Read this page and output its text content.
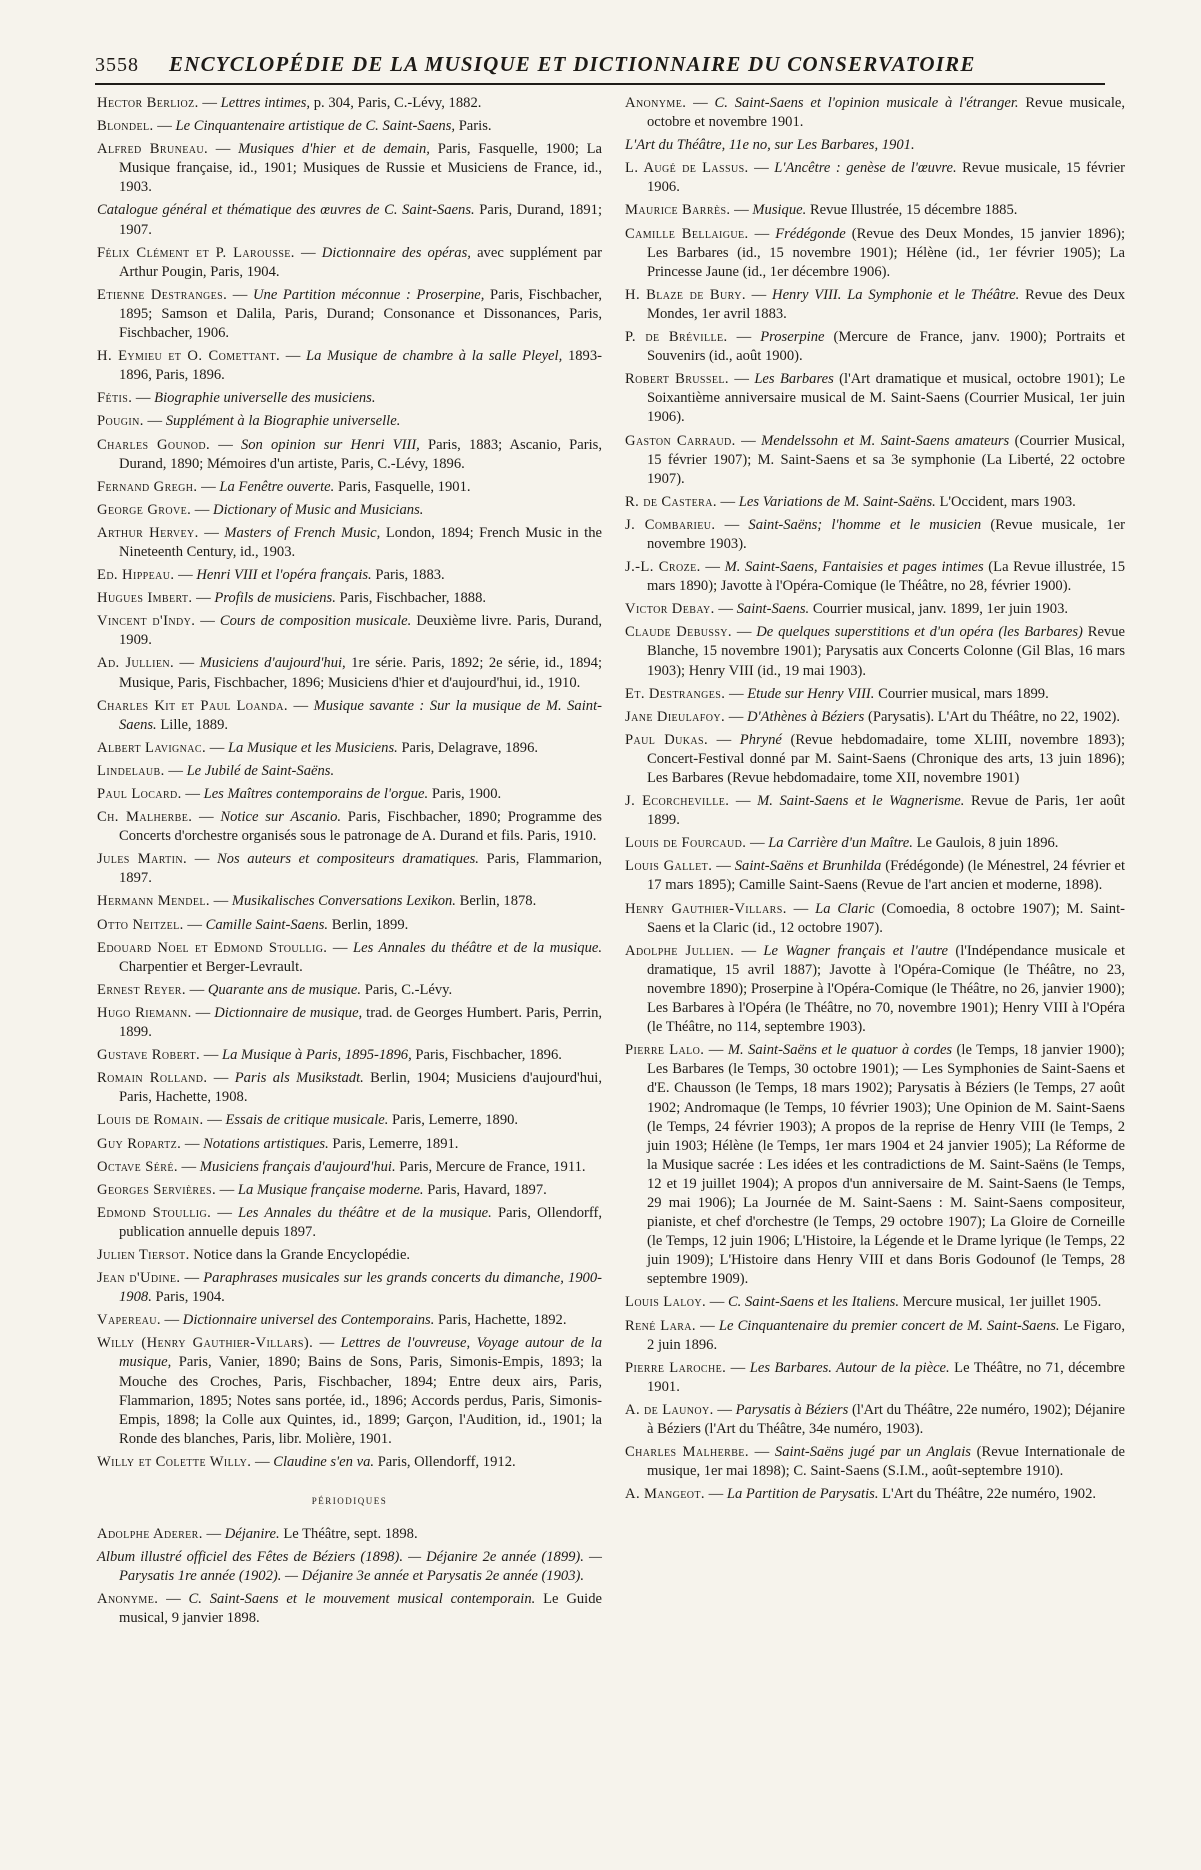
3558 ENCYCLOPÉDIE DE LA MUSIQUE ET DICTIONNAIRE DU CONSERVATOIRE
Hector Berlioz. — Lettres intimes, p. 304, Paris, C.-Lévy, 1882.
Blondel. — Le Cinquantenaire artistique de C. Saint-Saens, Paris.
Alfred Bruneau. — Musiques d'hier et de demain, Paris, Fasquelle, 1900; La Musique française, id., 1901; Musiques de Russie et Musiciens de France, id., 1903.
Catalogue général et thématique des œuvres de C. Saint-Saens. Paris, Durand, 1891; 1907.
Félix Clément et P. Larousse. — Dictionnaire des opéras, avec supplément par Arthur Pougin, Paris, 1904.
Etienne Destranges. — Une Partition méconnue : Proserpine, Paris, Fischbacher, 1895; Samson et Dalila, Paris, Durand; Consonance et Dissonances, Paris, Fischbacher, 1906.
H. Eymieu et O. Comettant. — La Musique de chambre à la salle Pleyel, 1893-1896, Paris, 1896.
Fétis. — Biographie universelle des musiciens.
Pougin. — Supplément à la Biographie universelle.
Charles Gounod. — Son opinion sur Henri VIII, Paris, 1883; Ascanio, Paris, Durand, 1890; Mémoires d'un artiste, Paris, C.-Lévy, 1896.
Fernand Gregh. — La Fenêtre ouverte. Paris, Fasquelle, 1901.
George Grove. — Dictionary of Music and Musicians.
Arthur Hervey. — Masters of French Music, London, 1894; French Music in the Nineteenth Century, id., 1903.
Ed. Hippeau. — Henri VIII et l'opéra français. Paris, 1883.
Hugues Imbert. — Profils de musiciens. Paris, Fischbacher, 1888.
Vincent d'Indy. — Cours de composition musicale. Deuxième livre. Paris, Durand, 1909.
Ad. Jullien. — Musiciens d'aujourd'hui, 1re série. Paris, 1892; 2e série, id., 1894; Musique, Paris, Fischbacher, 1896; Musiciens d'hier et d'aujourd'hui, id., 1910.
Charles Kit et Paul Loanda. — Musique savante : Sur la musique de M. Saint-Saens. Lille, 1889.
Albert Lavignac. — La Musique et les Musiciens. Paris, Delagrave, 1896.
Lindelaub. — Le Jubilé de Saint-Saëns.
Paul Locard. — Les Maîtres contemporains de l'orgue. Paris, 1900.
Ch. Malherbe. — Notice sur Ascanio. Paris, Fischbacher, 1890; Programme des Concerts d'orchestre organisés sous le patronage de A. Durand et fils. Paris, 1910.
Jules Martin. — Nos auteurs et compositeurs dramatiques. Paris, Flammarion, 1897.
Hermann Mendel. — Musikalisches Conversations Lexikon. Berlin, 1878.
Otto Neitzel. — Camille Saint-Saens. Berlin, 1899.
Edouard Noel et Edmond Stoullig. — Les Annales du théâtre et de la musique. Charpentier et Berger-Levrault.
Ernest Reyer. — Quarante ans de musique. Paris, C.-Lévy.
Hugo Riemann. — Dictionnaire de musique, trad. de Georges Humbert. Paris, Perrin, 1899.
Gustave Robert. — La Musique à Paris, 1895-1896, Paris, Fischbacher, 1896.
Romain Rolland. — Paris als Musikstadt. Berlin, 1904; Musiciens d'aujourd'hui, Paris, Hachette, 1908.
Louis de Romain. — Essais de critique musicale. Paris, Lemerre, 1890.
Guy Ropartz. — Notations artistiques. Paris, Lemerre, 1891.
Octave Séré. — Musiciens français d'aujourd'hui. Paris, Mercure de France, 1911.
Georges Servières. — La Musique française moderne. Paris, Havard, 1897.
Edmond Stoullig. — Les Annales du théâtre et de la musique. Paris, Ollendorff, publication annuelle depuis 1897.
Julien Tiersot. Notice dans la Grande Encyclopédie.
Jean d'Udine. — Paraphrases musicales sur les grands concerts du dimanche, 1900-1908. Paris, 1904.
Vapereau. — Dictionnaire universel des Contemporains. Paris, Hachette, 1892.
Willy (Henry Gauthier-Villars). — Lettres de l'ouvreuse, Voyage autour de la musique, Paris, Vanier, 1890; Bains de Sons, Paris, Simonis-Empis, 1893; la Mouche des Croches, Paris, Fischbacher, 1894; Entre deux airs, Paris, Flammarion, 1895; Notes sans portée, id., 1896; Accords perdus, Paris, Simonis-Empis, 1898; la Colle aux Quintes, id., 1899; Garçon, l'Audition, id., 1901; la Ronde des blanches, Paris, libr. Molière, 1901.
Willy et Colette Willy. — Claudine s'en va. Paris, Ollendorff, 1912.
périodiques
Adolphe Aderer. — Déjanire. Le Théâtre, sept. 1898.
Album illustré officiel des Fêtes de Béziers (1898). — Déjanire 2e année (1899). — Parysatis 1re année (1902). — Déjanire 3e année et Parysatis 2e année (1903).
Anonyme. — C. Saint-Saens et le mouvement musical contemporain. Le Guide musical, 9 janvier 1898.
Anonyme. — C. Saint-Saens et l'opinion musicale à l'étranger. Revue musicale, octobre et novembre 1901.
L'Art du Théâtre, 11e no, sur Les Barbares, 1901.
L. Augé de Lassus. — L'Ancêtre : genèse de l'œuvre. Revue musicale, 15 février 1906.
Maurice Barrès. — Musique. Revue Illustrée, 15 décembre 1885.
Camille Bellaigue. — Frédégonde (Revue des Deux Mondes, 15 janvier 1896); Les Barbares (id., 15 novembre 1901); Hélène (id., 1er février 1905); La Princesse Jaune (id., 1er décembre 1906).
H. Blaze de Bury. — Henry VIII. La Symphonie et le Théâtre. Revue des Deux Mondes, 1er avril 1883.
P. de Bréville. — Proserpine (Mercure de France, janv. 1900); Portraits et Souvenirs (id., août 1900).
Robert Brussel. — Les Barbares (l'Art dramatique et musical, octobre 1901); Le Soixantième anniversaire musical de M. Saint-Saens (Courrier Musical, 1er juin 1906).
Gaston Carraud. — Mendelssohn et M. Saint-Saens amateurs (Courrier Musical, 15 février 1907); M. Saint-Saens et sa 3e symphonie (La Liberté, 22 octobre 1907).
R. de Castera. — Les Variations de M. Saint-Saëns. L'Occident, mars 1903.
J. Combarieu. — Saint-Saëns; l'homme et le musicien (Revue musicale, 1er novembre 1903).
J.-L. Croze. — M. Saint-Saens, Fantaisies et pages intimes (La Revue illustrée, 15 mars 1890); Javotte à l'Opéra-Comique (le Théâtre, no 28, février 1900).
Victor Debay. — Saint-Saens. Courrier musical, janv. 1899, 1er juin 1903.
Claude Debussy. — De quelques superstitions et d'un opéra (les Barbares) Revue Blanche, 15 novembre 1901); Parysatis aux Concerts Colonne (Gil Blas, 16 mars 1903); Henry VIII (id., 19 mai 1903).
Et. Destranges. — Etude sur Henry VIII. Courrier musical, mars 1899.
Jane Dieulafoy. — D'Athènes à Béziers (Parysatis). L'Art du Théâtre, no 22, 1902).
Paul Dukas. — Phryné (Revue hebdomadaire, tome XLIII, novembre 1893); Concert-Festival donné par M. Saint-Saens (Chronique des arts, 13 juin 1896); Les Barbares (Revue hebdomadaire, tome XII, novembre 1901)
J. Ecorcheville. — M. Saint-Saens et le Wagnerisme. Revue de Paris, 1er août 1899.
Louis de Fourcaud. — La Carrière d'un Maître. Le Gaulois, 8 juin 1896.
Louis Gallet. — Saint-Saëns et Brunhilda (Frédégonde) (le Ménestrel, 24 février et 17 mars 1895); Camille Saint-Saens (Revue de l'art ancien et moderne, 1898).
Henry Gauthier-Villars. — La Claric (Comoedia, 8 octobre 1907); M. Saint-Saens et la Claric (id., 12 octobre 1907).
Adolphe Jullien. — Le Wagner français et l'autre (l'Indépendance musicale et dramatique, 15 avril 1887); Javotte à l'Opéra-Comique (le Théâtre, no 23, novembre 1890); Proserpine à l'Opéra-Comique (le Théâtre, no 26, janvier 1900); Les Barbares à l'Opéra (le Théâtre, no 70, novembre 1901); Henry VIII à l'Opéra (le Théâtre, no 114, septembre 1903).
Pierre Lalo. — M. Saint-Saëns et le quatuor à cordes (le Temps, 18 janvier 1900); Les Barbares (le Temps, 30 octobre 1901); — Les Symphonies de Saint-Saens et d'E. Chausson (le Temps, 18 mars 1902); Parysatis à Béziers (le Temps, 27 août 1902; Andromaque (le Temps, 10 février 1903); Une Opinion de M. Saint-Saens (le Temps, 24 février 1903); A propos de la reprise de Henry VIII (le Temps, 2 juin 1903; Hélène (le Temps, 1er mars 1904 et 24 janvier 1905); La Réforme de la Musique sacrée : Les idées et les contradictions de M. Saint-Saëns (le Temps, 12 et 19 juillet 1904); A propos d'un anniversaire de M. Saint-Saens (le Temps, 29 mai 1906); La Journée de M. Saint-Saens : M. Saint-Saens compositeur, pianiste, et chef d'orchestre (le Temps, 29 octobre 1907); La Gloire de Corneille (le Temps, 12 juin 1906; L'Histoire, la Légende et le Drame lyrique (le Temps, 22 juin 1909); L'Histoire dans Henry VIII et dans Boris Godounof (le Temps, 28 septembre 1909).
Louis Laloy. — C. Saint-Saens et les Italiens. Mercure musical, 1er juillet 1905.
René Lara. — Le Cinquantenaire du premier concert de M. Saint-Saens. Le Figaro, 2 juin 1896.
Pierre Laroche. — Les Barbares. Autour de la pièce. Le Théâtre, no 71, décembre 1901.
A. de Launoy. — Parysatis à Béziers (l'Art du Théâtre, 22e numéro, 1902); Déjanire à Béziers (l'Art du Théâtre, 34e numéro, 1903).
Charles Malherbe. — Saint-Saëns jugé par un Anglais (Revue Internationale de musique, 1er mai 1898); C. Saint-Saens (S.I.M., août-septembre 1910).
A. Mangeot. — La Partition de Parysatis. L'Art du Théâtre, 22e numéro, 1902.
